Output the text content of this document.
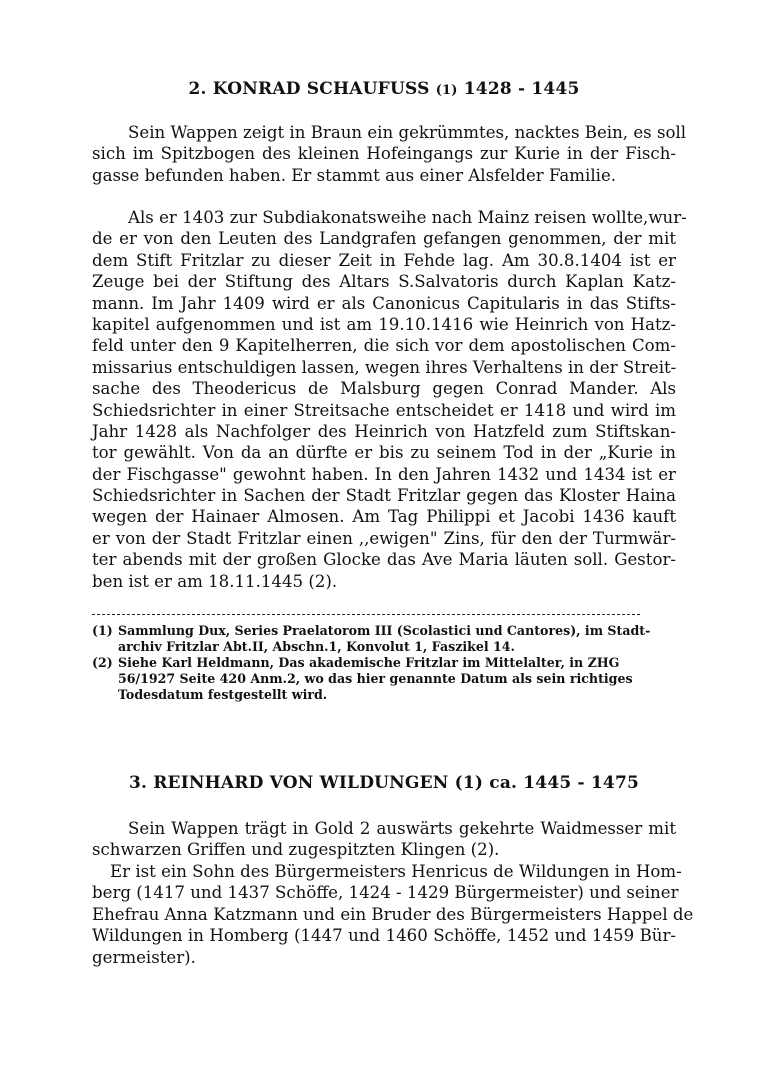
2. KONRAD SCHAUFUSS (1) 1428 - 1445
Sein Wappen zeigt in Braun ein gekrümmtes, nacktes Bein, es soll
sich im Spitzbogen des kleinen Hofeingangs zur Kurie in der Fisch-
gasse befunden haben. Er stammt aus einer Alsfelder Familie.
Als er 1403 zur Subdiakonatsweihe nach Mainz reisen wollte,wur-
de er von den Leuten des Landgrafen gefangen genommen, der mit
dem Stift Fritzlar zu dieser Zeit in Fehde lag. Am 30.8.1404 ist er
Zeuge bei der Stiftung des Altars S.Salvatoris durch Kaplan Katz-
mann. Im Jahr 1409 wird er als Canonicus Capitularis in das Stifts-
kapitel aufgenommen und ist am 19.10.1416 wie Heinrich von Hatz-
feld unter den 9 Kapitelherren, die sich vor dem apostolischen Com-
missarius entschuldigen lassen, wegen ihres Verhaltens in der Streit-
sache des Theodericus de Malsburg gegen Conrad Mander. Als
Schiedsrichter in einer Streitsache entscheidet er 1418 und wird im
Jahr 1428 als Nachfolger des Heinrich von Hatzfeld zum Stiftskan-
tor gewählt. Von da an dürfte er bis zu seinem Tod in der „Kurie in
der Fischgasse" gewohnt haben. In den Jahren 1432 und 1434 ist er
Schiedsrichter in Sachen der Stadt Fritzlar gegen das Kloster Haina
wegen der Hainaer Almosen. Am Tag Philippi et Jacobi 1436 kauft
er von der Stadt Fritzlar einen ,,ewigen" Zins, für den der Turmwär-
ter abends mit der großen Glocke das Ave Maria läuten soll. Gestor-
ben ist er am 18.11.1445 (2).
(1) Sammlung Dux, Series Praelatorom III (Scolastici und Cantores), im Stadt-
archiv Fritzlar Abt.II, Abschn.1, Konvolut 1, Faszikel 14.
(2) Siehe Karl Heldmann, Das akademische Fritzlar im Mittelalter, in ZHG
56/1927 Seite 420 Anm.2, wo das hier genannte Datum als sein richtiges
Todesdatum festgestellt wird.
3. REINHARD VON WILDUNGEN (1) ca. 1445 - 1475
Sein Wappen trägt in Gold 2 auswärts gekehrte Waidmesser mit
schwarzen Griffen und zugespitzten Klingen (2).
Er ist ein Sohn des Bürgermeisters Henricus de Wildungen in Hom-
berg (1417 und 1437 Schöffe, 1424 - 1429 Bürgermeister) und seiner
Ehefrau Anna Katzmann und ein Bruder des Bürgermeisters Happel de
Wildungen in Homberg (1447 und 1460 Schöffe, 1452 und 1459 Bür-
germeister).
